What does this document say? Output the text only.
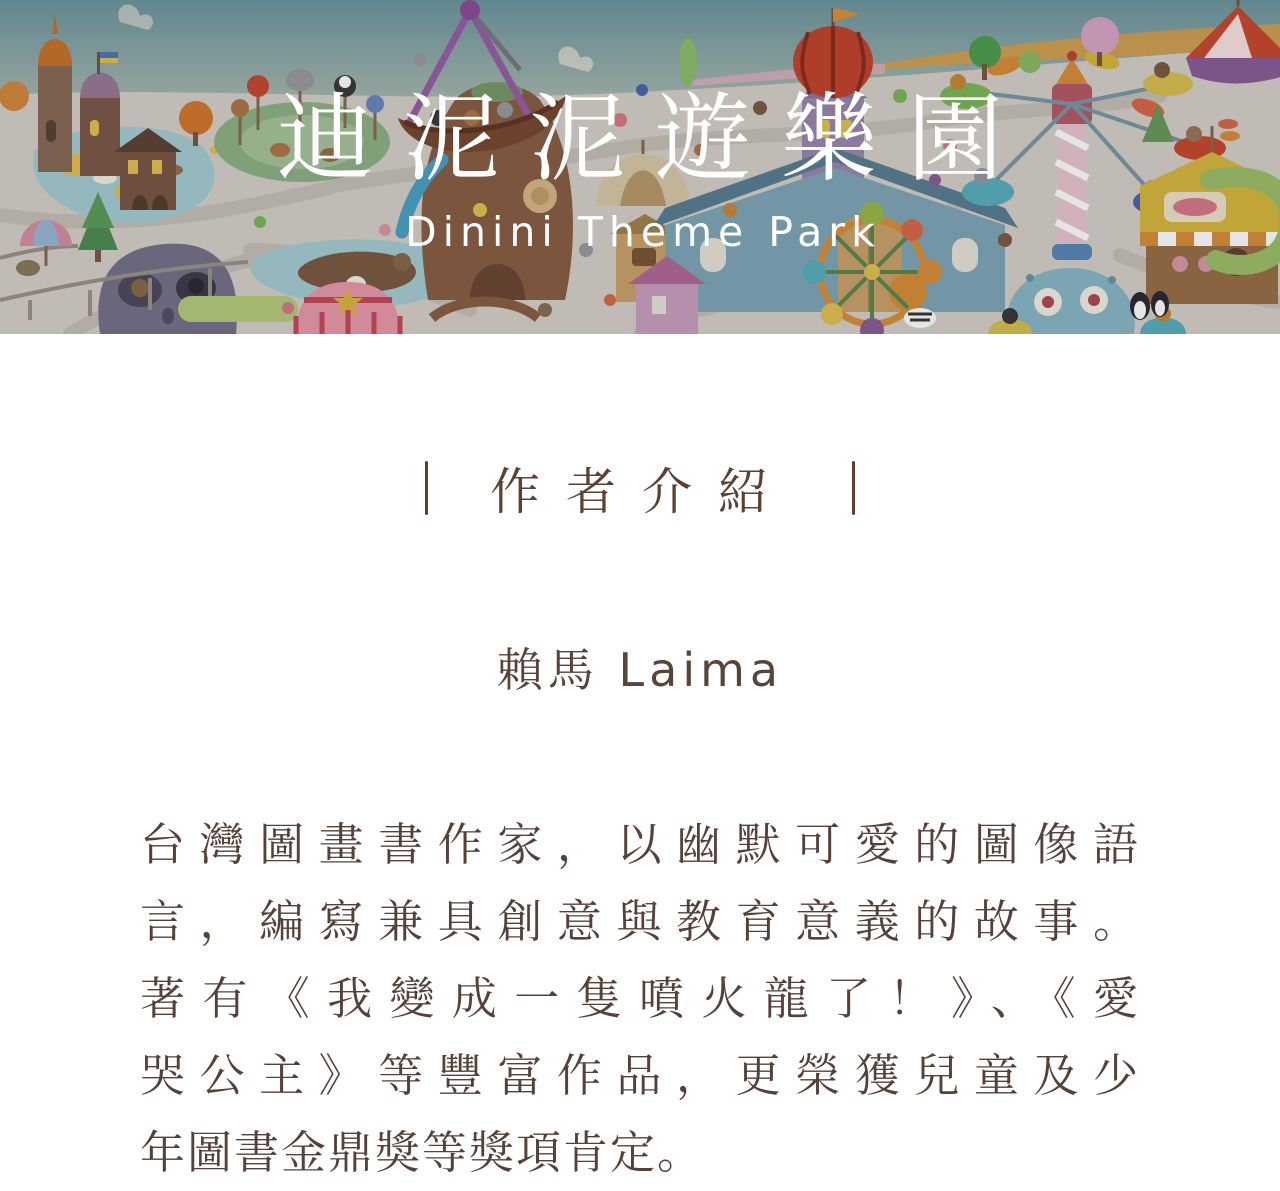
迪泥泥遊樂園
Dinini Theme Park
作者介紹
賴馬 Laima
台灣圖畫書作家，以幽默可愛的圖像語
言，編寫兼具創意與教育意義的故事。
著有《我變成一隻噴火龍了！》、《愛
哭公主》等豐富作品，更榮獲兒童及少
年圖書金鼎獎等獎項肯定。
